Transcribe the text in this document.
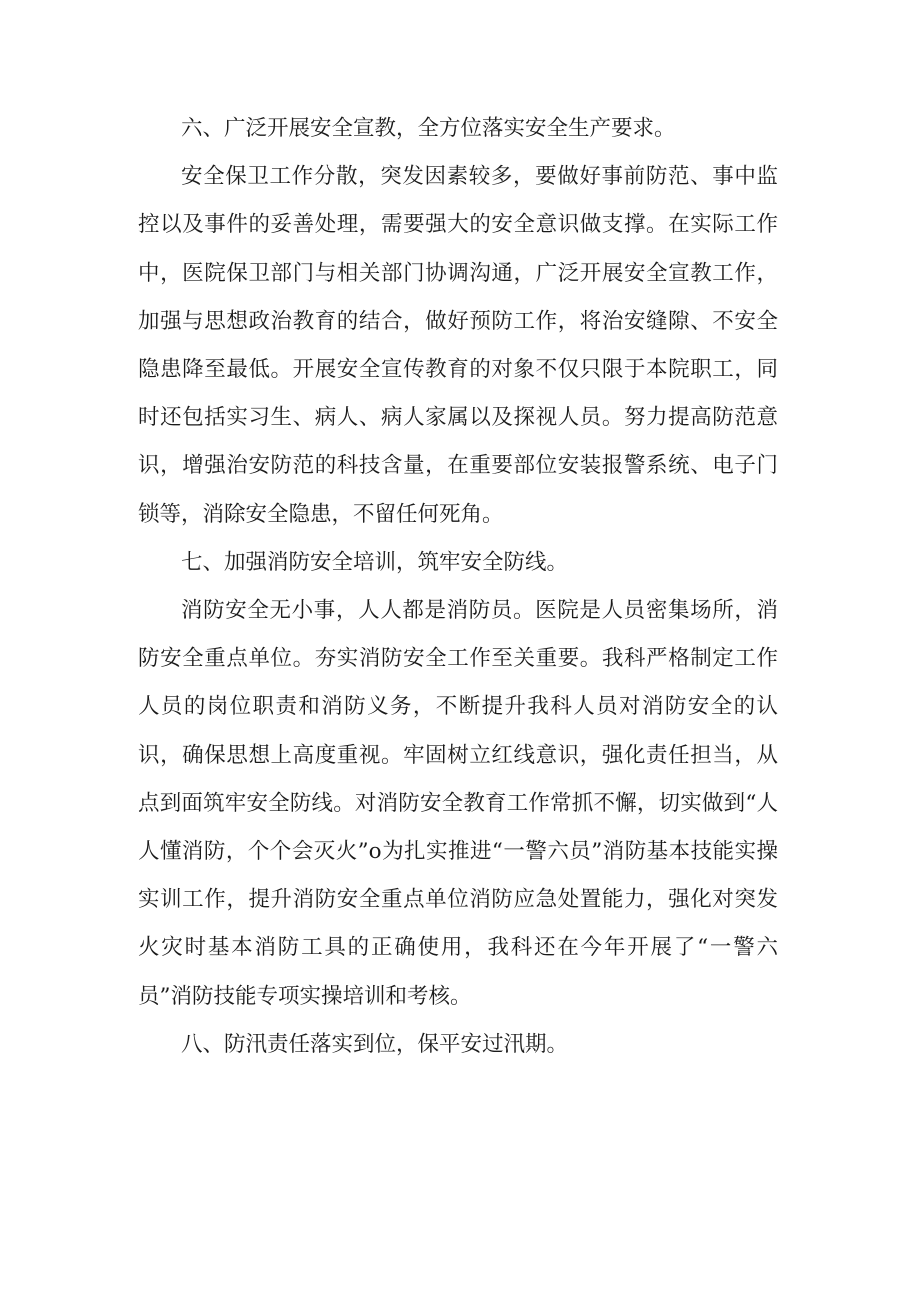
六、广泛开展安全宣教，全方位落实安全生产要求。

安全保卫工作分散，突发因素较多，要做好事前防范、事中监控以及事件的妥善处理，需要强大的安全意识做支撑。在实际工作中，医院保卫部门与相关部门协调沟通，广泛开展安全宣教工作，加强与思想政治教育的结合，做好预防工作，将治安缝隙、不安全隐患降至最低。开展安全宣传教育的对象不仅只限于本院职工，同时还包括实习生、病人、病人家属以及探视人员。努力提高防范意识，增强治安防范的科技含量，在重要部位安装报警系统、电子门锁等，消除安全隐患，不留任何死角。

七、加强消防安全培训，筑牢安全防线。

消防安全无小事，人人都是消防员。医院是人员密集场所，消防安全重点单位。夯实消防安全工作至关重要。我科严格制定工作人员的岗位职责和消防义务，不断提升我科人员对消防安全的认识，确保思想上高度重视。牢固树立红线意识，强化责任担当，从点到面筑牢安全防线。对消防安全教育工作常抓不懈，切实做到“人人懂消防，个个会灭火”o为扎实推进“一警六员”消防基本技能实操实训工作，提升消防安全重点单位消防应急处置能力，强化对突发火灾时基本消防工具的正确使用，我科还在今年开展了“一警六员”消防技能专项实操培训和考核。

八、防汛责任落实到位，保平安过汛期。
